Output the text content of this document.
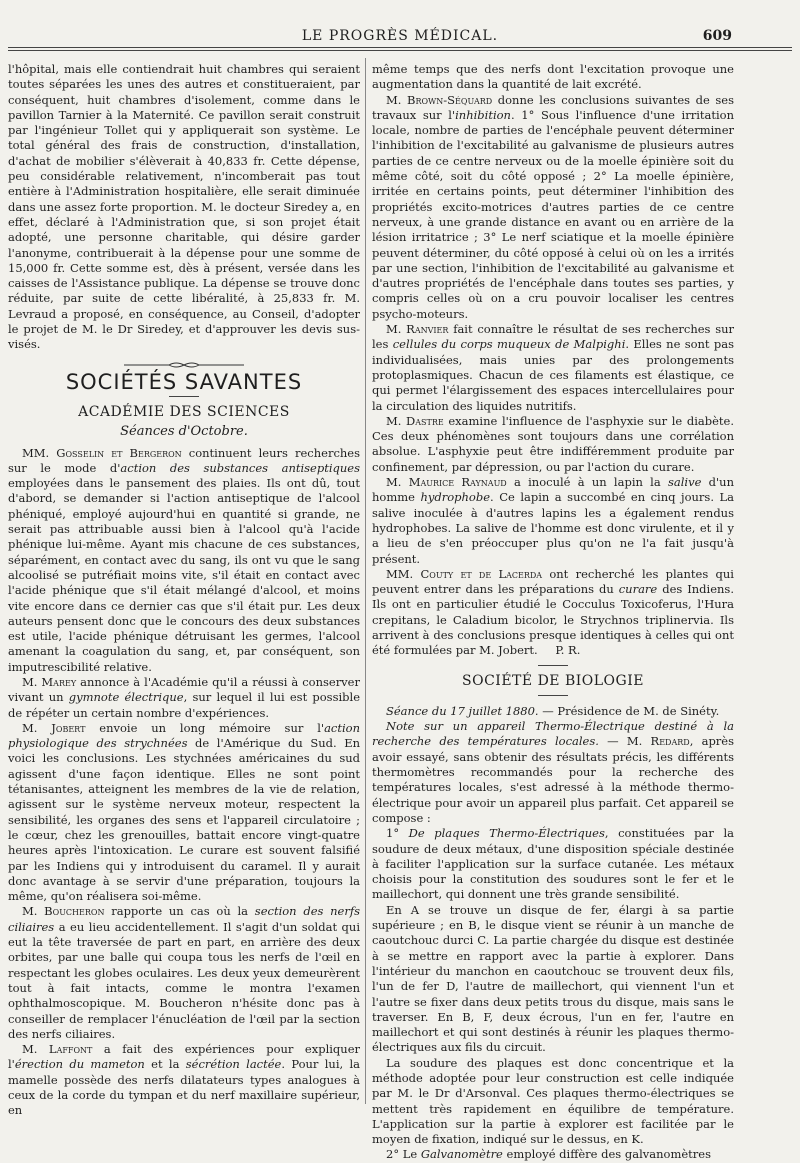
LE PROGRÈS MÉDICAL.	609

l'hôpital, mais elle contiendrait huit chambres qui seraient toutes séparées les unes des autres et constitueraient, par conséquent, huit chambres d'isolement, comme dans le pavillon Tarnier à la Maternité. Ce pavillon serait construit par l'ingénieur Tollet qui y appliquerait son système. Le total général des frais de construction, d'installation, d'achat de mobilier s'élèverait à 40,833 fr. Cette dépense, peu considérable relativement, n'incomberait pas tout entière à l'Administration hospitalière, elle serait diminuée dans une assez forte proportion. M. le docteur Siredey a, en effet, déclaré à l'Administration que, si son projet était adopté, une personne charitable, qui désire garder l'anonyme, contribuerait à la dépense pour une somme de 15,000 fr. Cette somme est, dès à présent, versée dans les caisses de l'Assistance publique. La dépense se trouve donc réduite, par suite de cette libéralité, à 25,833 fr. M. Levraud a proposé, en conséquence, au Conseil, d'adopter le projet de M. le Dr Siredey, et d'approuver les devis sus-visés.

SOCIÉTÉS SAVANTES
ACADÉMIE DES SCIENCES
Séances d'Octobre.

MM. Gosselin et Bergeron continuent leurs recherches sur le mode d'action des substances antiseptiques employées dans le pansement des plaies. Ils ont dû, tout d'abord, se demander si l'action antiseptique de l'alcool phéniqué, employé aujourd'hui en quantité si grande, ne serait pas attribuable aussi bien à l'alcool qu'à l'acide phénique lui-même. Ayant mis chacune de ces substances, séparément, en contact avec du sang, ils ont vu que le sang alcoolisé se putréfiait moins vite, s'il était en contact avec l'acide phénique que s'il était mélangé d'alcool, et moins vite encore dans ce dernier cas que s'il était pur. Les deux auteurs pensent donc que le concours des deux substances est utile, l'acide phénique détruisant les germes, l'alcool amenant la coagulation du sang, et, par conséquent, son imputrescibilité relative.

M. Marey annonce à l'Académie qu'il a réussi à conserver vivant un gymnote électrique, sur lequel il lui est possible de répéter un certain nombre d'expériences.

M. Jobert envoie un long mémoire sur l'action physiologique des strychnées de l'Amérique du Sud. En voici les conclusions. Les stychnées américaines du sud agissent d'une façon identique. Elles ne sont point tétanisantes, atteignent les membres de la vie de relation, agissent sur le système nerveux moteur, respectent la sensibilité, les organes des sens et l'appareil circulatoire ; le cœur, chez les grenouilles, battait encore vingt-quatre heures après l'intoxication. Le curare est souvent falsifié par les Indiens qui y introduisent du caramel. Il y aurait donc avantage à se servir d'une préparation, toujours la même, qu'on réalisera soi-même.

M. Boucheron rapporte un cas où la section des nerfs ciliaires a eu lieu accidentellement. Il s'agit d'un soldat qui eut la tête traversée de part en part, en arrière des deux orbites, par une balle qui coupa tous les nerfs de l'œil en respectant les globes oculaires. Les deux yeux demeurèrent tout à fait intacts, comme le montra l'examen ophthalmoscopique. M. Boucheron n'hésite donc pas à conseiller de remplacer l'énucléation de l'œil par la section des nerfs ciliaires.

M. Laffont a fait des expériences pour expliquer l'érection du mameton et la sécrétion lactée. Pour lui, la mamelle possède des nerfs dilatateurs types analogues à ceux de la corde du tympan et du nerf maxillaire supérieur, en

même temps que des nerfs dont l'excitation provoque une augmentation dans la quantité de lait excrété.

M. Brown-Séquard donne les conclusions suivantes de ses travaux sur l'inhibition. 1° Sous l'influence d'une irritation locale, nombre de parties de l'encéphale peuvent déterminer l'inhibition de l'excitabilité au galvanisme de plusieurs autres parties de ce centre nerveux ou de la moelle épinière soit du même côté, soit du côté opposé ; 2° La moelle épinière, irritée en certains points, peut déterminer l'inhibition des propriétés excito-motrices d'autres parties de ce centre nerveux, à une grande distance en avant ou en arrière de la lésion irritatrice ; 3° Le nerf sciatique et la moelle épinière peuvent déterminer, du côté opposé à celui où on les a irrités par une section, l'inhibition de l'excitabilité au galvanisme et d'autres propriétés de l'encéphale dans toutes ses parties, y compris celles où on a cru pouvoir localiser les centres psycho-moteurs.

M. Ranvier fait connaître le résultat de ses recherches sur les cellules du corps muqueux de Malpighi. Elles ne sont pas individualisées, mais unies par des prolongements protoplasmiques. Chacun de ces filaments est élastique, ce qui permet l'élargissement des espaces intercellulaires pour la circulation des liquides nutritifs.

M. Dastre examine l'influence de l'asphyxie sur le diabète. Ces deux phénomènes sont toujours dans une corrélation absolue. L'asphyxie peut être indifféremment produite par confinement, par dépression, ou par l'action du curare.

M. Maurice Raynaud a inoculé à un lapin la salive d'un homme hydrophobe. Ce lapin a succombé en cinq jours. La salive inoculée à d'autres lapins les a également rendus hydrophobes. La salive de l'homme est donc virulente, et il y a lieu de s'en préoccuper plus qu'on ne l'a fait jusqu'à présent.

MM. Couty et de Lacerda ont recherché les plantes qui peuvent entrer dans les préparations du curare des Indiens. Ils ont en particulier étudié le Cocculus Toxicoferus, l'Hura crepitans, le Caladium bicolor, le Strychnos triplinervia. Ils arrivent à des conclusions presque identiques à celles qui ont été formulées par M. Jobert. P. R.

SOCIÉTÉ DE BIOLOGIE

Séance du 17 juillet 1880. — Présidence de M. de Sinéty.

Note sur un appareil Thermo-Électrique destiné à la recherche des températures locales. — M. Redard, après avoir essayé, sans obtenir des résultats précis, les différents thermomètres recommandés pour la recherche des températures locales, s'est adressé à la méthode thermo-électrique pour avoir un appareil plus parfait. Cet appareil se compose :

1° De plaques Thermo-Électriques, constituées par la soudure de deux métaux, d'une disposition spéciale destinée à faciliter l'application sur la surface cutanée. Les métaux choisis pour la constitution des soudures sont le fer et le maillechort, qui donnent une très grande sensibilité.

En A se trouve un disque de fer, élargi à sa partie supérieure ; en B, le disque vient se réunir à un manche de caoutchouc durci C. La partie chargée du disque est destinée à se mettre en rapport avec la partie à explorer. Dans l'intérieur du manchon en caoutchouc se trouvent deux fils, l'un de fer D, l'autre de maillechort, qui viennent l'un et l'autre se fixer dans deux petits trous du disque, mais sans le traverser. En B, F, deux écrous, l'un en fer, l'autre en maillechort et qui sont destinés à réunir les plaques thermo-électriques aux fils du circuit.

La soudure des plaques est donc concentrique et la méthode adoptée pour leur construction est celle indiquée par M. le Dr d'Arsonval. Ces plaques thermo-électriques se mettent très rapidement en équilibre de température. L'application sur la partie à explorer est facilitée par le moyen de fixation, indiqué sur le dessus, en K.

2° Le Galvanomètre employé diffère des galvanomètres
